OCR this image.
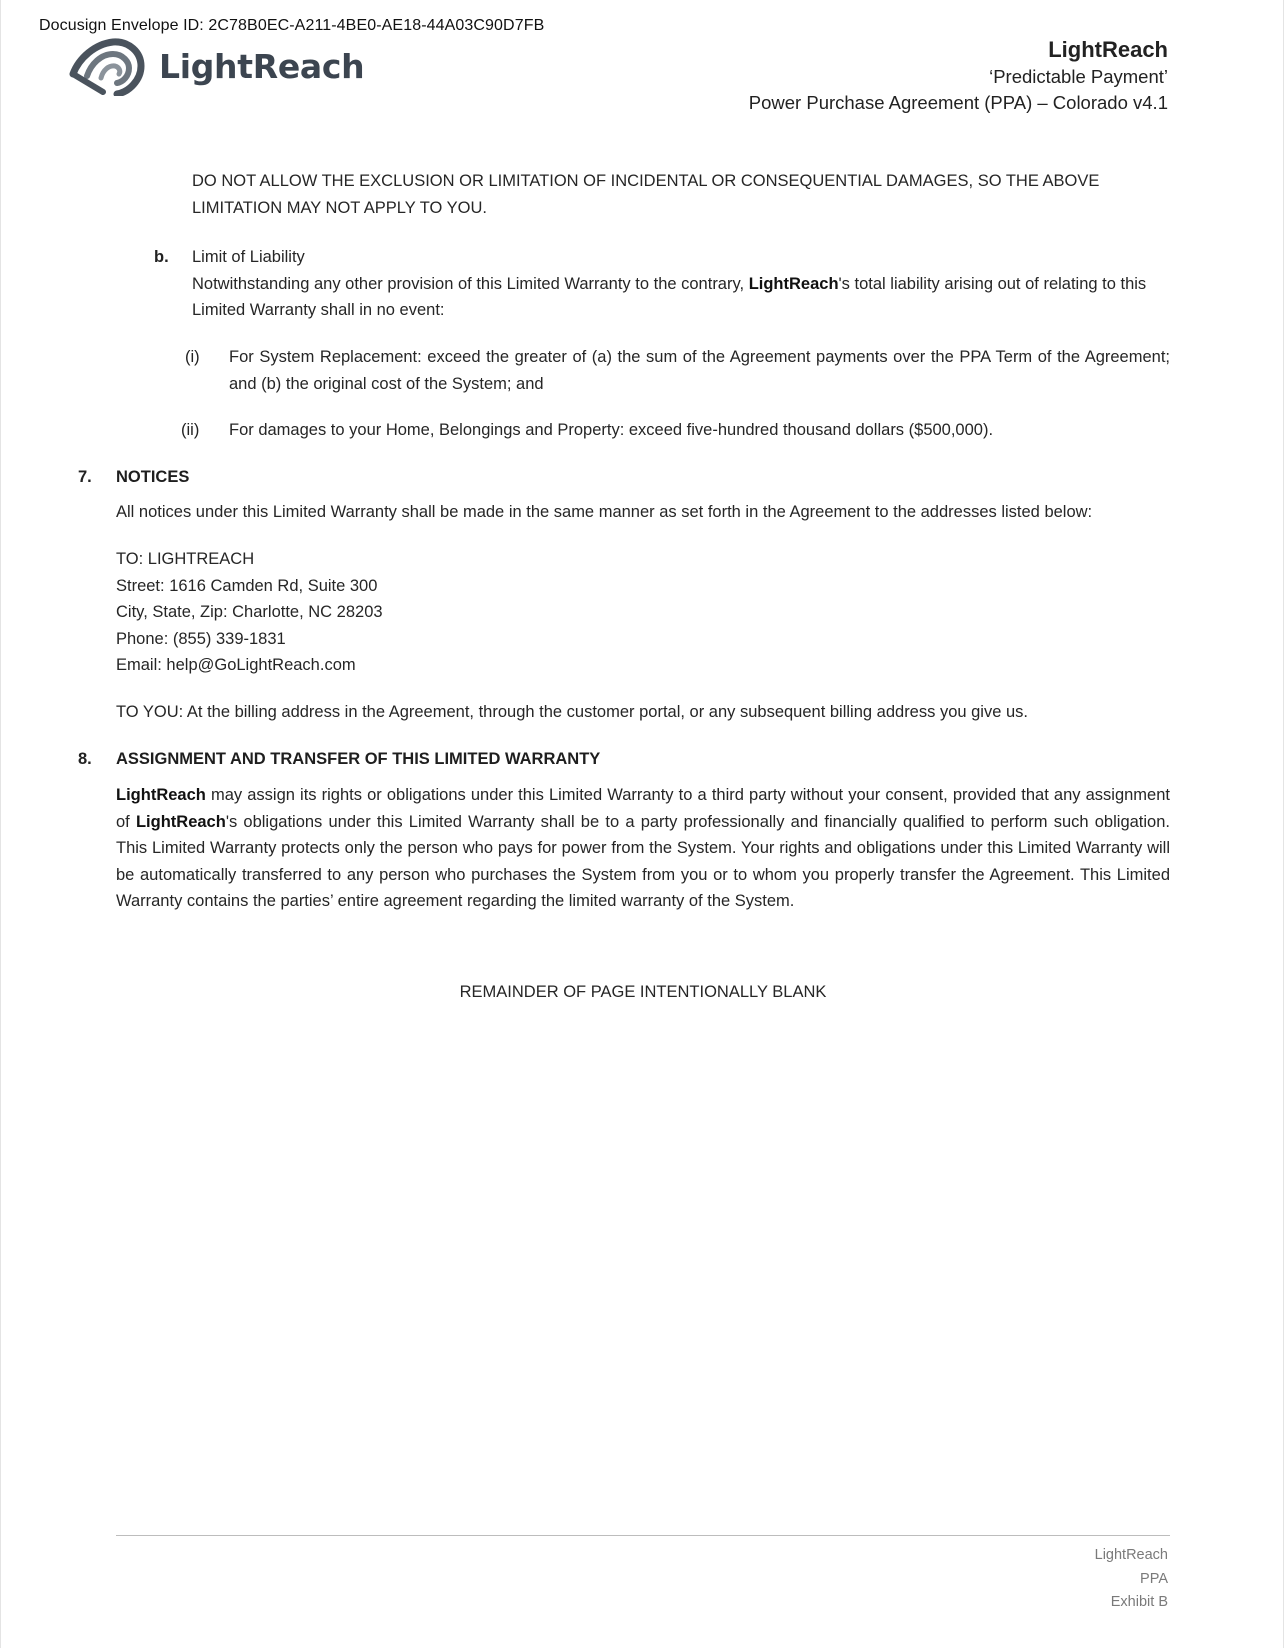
Docusign Envelope ID: 2C78B0EC-A211-4BE0-AE18-44A03C90D7FB
LightReach	LightReach
‘Predictable Payment’
Power Purchase Agreement (PPA) – Colorado v4.1
DO NOT ALLOW THE EXCLUSION OR LIMITATION OF INCIDENTAL OR CONSEQUENTIAL DAMAGES, SO THE ABOVE LIMITATION MAY NOT APPLY TO YOU.
b. Limit of Liability
Notwithstanding any other provision of this Limited Warranty to the contrary, LightReach's total liability arising out of relating to this Limited Warranty shall in no event:
(i) For System Replacement: exceed the greater of (a) the sum of the Agreement payments over the PPA Term of the Agreement; and (b) the original cost of the System; and
(ii) For damages to your Home, Belongings and Property: exceed five-hundred thousand dollars ($500,000).
7. NOTICES
All notices under this Limited Warranty shall be made in the same manner as set forth in the Agreement to the addresses listed below:
TO: LIGHTREACH
Street: 1616 Camden Rd, Suite 300
City, State, Zip: Charlotte, NC 28203
Phone: (855) 339-1831
Email: help@GoLightReach.com
TO YOU: At the billing address in the Agreement, through the customer portal, or any subsequent billing address you give us.
8. ASSIGNMENT AND TRANSFER OF THIS LIMITED WARRANTY
LightReach may assign its rights or obligations under this Limited Warranty to a third party without your consent, provided that any assignment of LightReach's obligations under this Limited Warranty shall be to a party professionally and financially qualified to perform such obligation. This Limited Warranty protects only the person who pays for power from the System. Your rights and obligations under this Limited Warranty will be automatically transferred to any person who purchases the System from you or to whom you properly transfer the Agreement. This Limited Warranty contains the parties’ entire agreement regarding the limited warranty of the System.
REMAINDER OF PAGE INTENTIONALLY BLANK
LightReach
PPA
Exhibit B
